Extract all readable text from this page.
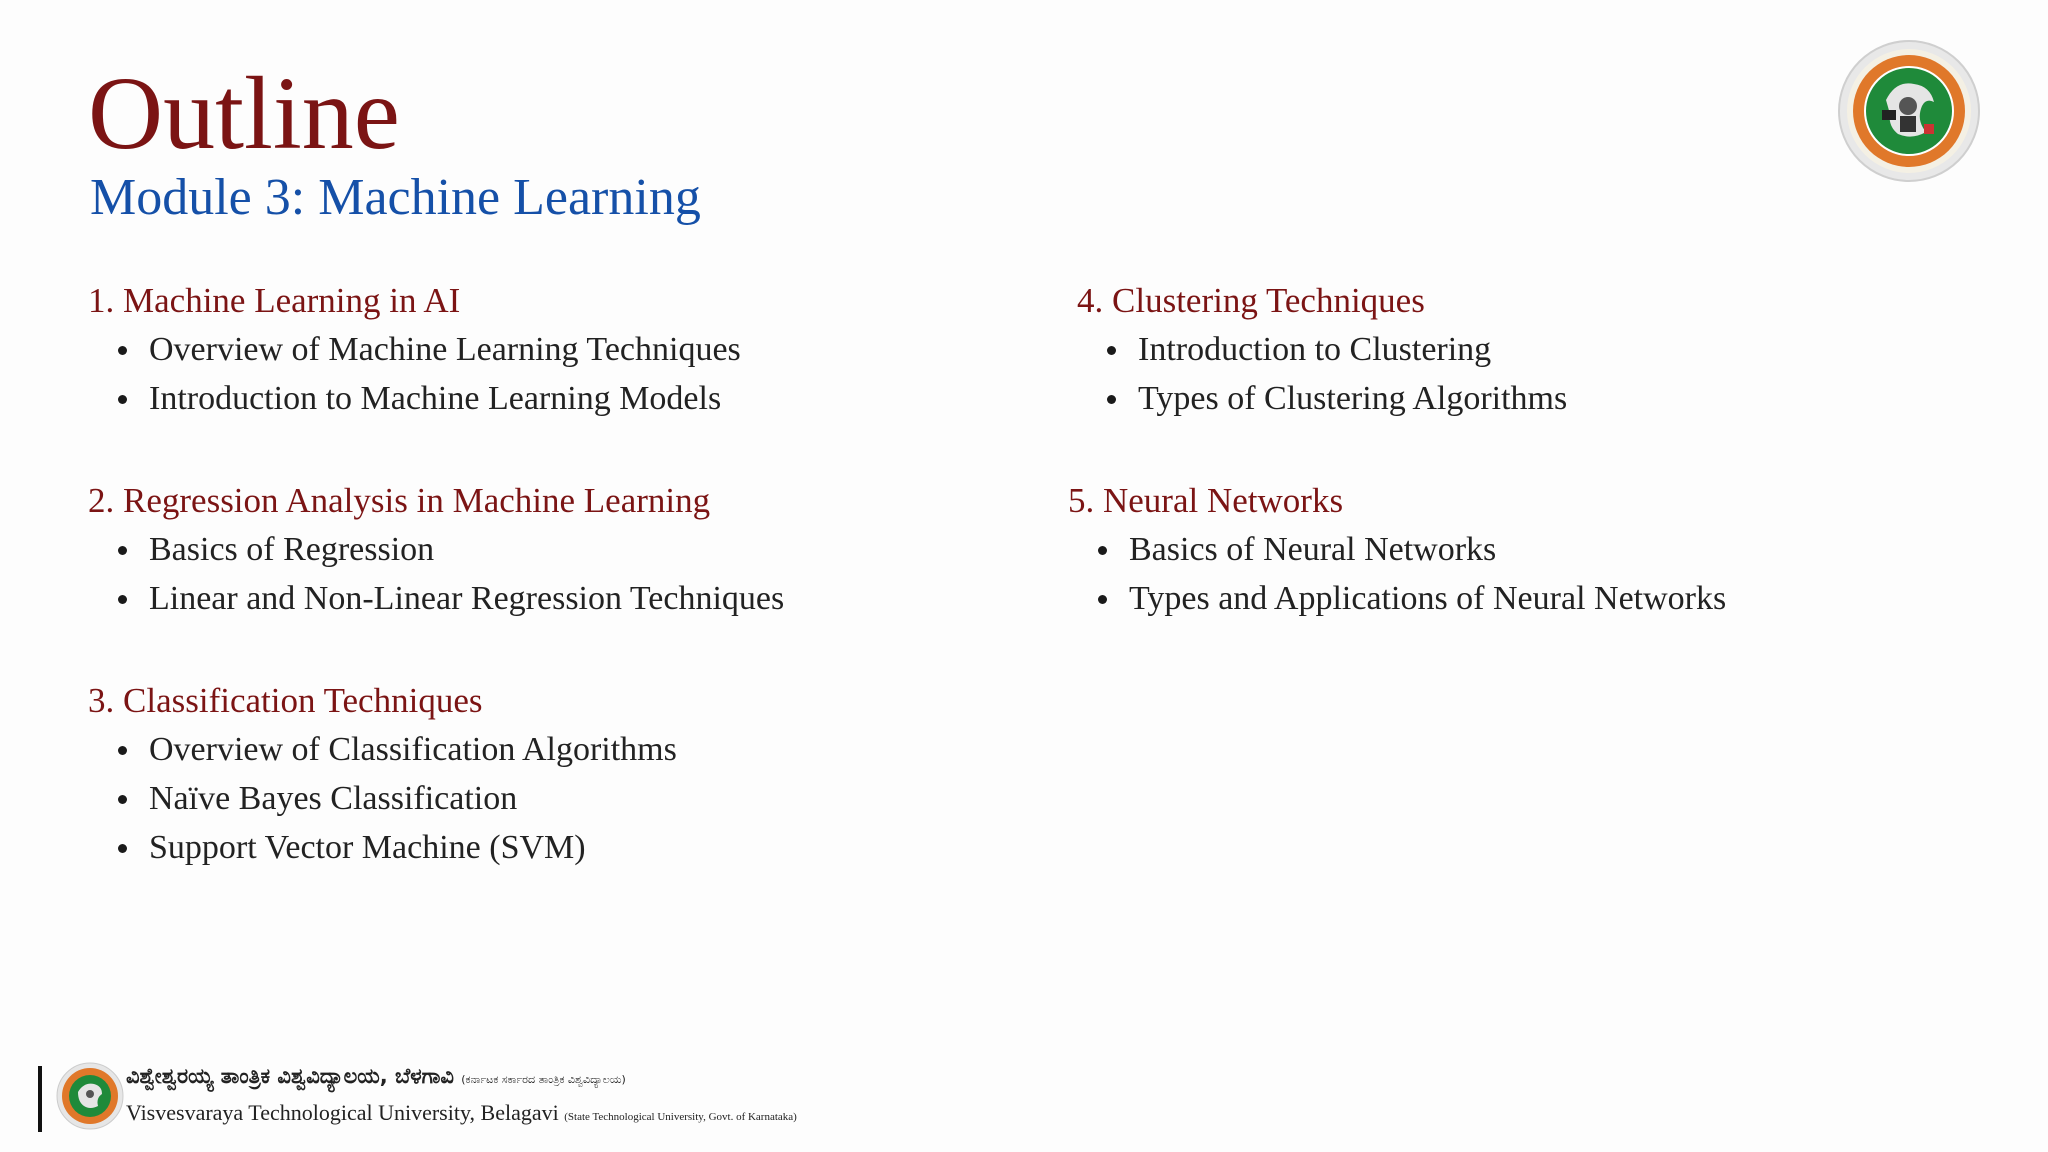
Outline
Module 3: Machine Learning
1. Machine Learning in AI
Overview of Machine Learning Techniques
Introduction to Machine Learning Models
2. Regression Analysis in Machine Learning
Basics of Regression
Linear and Non-Linear Regression Techniques
3. Classification Techniques
Overview of Classification Algorithms
Naïve Bayes Classification
Support Vector Machine (SVM)
4. Clustering Techniques
Introduction to Clustering
Types of Clustering Algorithms
5. Neural Networks
Basics of Neural Networks
Types and Applications of Neural Networks
ವಿಶ್ವೇಶ್ವರಯ್ಯ ತಾಂತ್ರಿಕ ವಿಶ್ವವಿದ್ಯಾಲಯ, ಬೆಳಗಾವಿ (ಕರ್ನಾಟಕ ಸರ್ಕಾರದ ತಾಂತ್ರಿಕ ವಿಶ್ವವಿದ್ಯಾಲಯ)
Visvesvaraya Technological University, Belagavi (State Technological University, Govt. of Karnataka)
